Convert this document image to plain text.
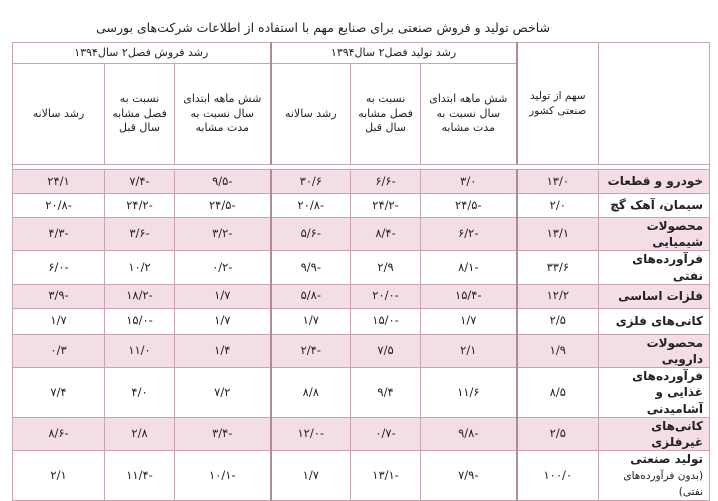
شاخص تولید و فروش صنعتی برای صنایع مهم با استفاده از اطلاعات شرکت‌های بورسی
	سهم از تولید صنعتی کشور	رشد تولید فصل۲ سال۱۳۹۴			رشد فروش فصل۲ سال۱۳۹۴		
		شش ماهه ابتدای سال نسبت به مدت مشابه	نسبت به فصل مشابه سال قبل	رشد سالانه	شش ماهه ابتدای سال نسبت به مدت مشابه	نسبت به فصل مشابه سال قبل	رشد سالانه

خودرو و قطعات	۱۳/۰	۳/۰	-۶/۶	۳۰/۶	-۹/۵	-۷/۴	۲۴/۱
سیمان، آهک گچ	۲/۰	-۲۴/۵	-۲۴/۲	-۲۰/۸	-۲۴/۵	-۲۴/۲	-۲۰/۸
محصولات شیمیایی	۱۳/۱	-۶/۲	-۸/۴	-۵/۶	-۳/۲	-۳/۶	-۴/۳
فرآورده‌های نفتی	۳۳/۶	-۸/۱	۲/۹	-۹/۹	-۰/۲	۱۰/۲	-۶/۰
فلزات اساسی	۱۲/۲	-۱۵/۴	-۲۰/۰	-۵/۸	۱/۷	-۱۸/۲	-۳/۹
کانی‌های فلزی	۲/۵	۱/۷	-۱۵/۰	۱/۷	۱/۷	-۱۵/۰	۱/۷
محصولات دارویی	۱/۹	۲/۱	۷/۵	-۲/۴	۱/۴	۱۱/۰	۰/۳
فرآورده‌های غذایی و آشامیدنی	۸/۵	۱۱/۶	۹/۴	۸/۸	۷/۲	۴/۰	۷/۴
کانی‌های غیرفلزی	۲/۵	-۹/۸	-۰/۷	-۱۲/۰	-۳/۴	۲/۸	-۸/۶
تولید صنعتی
(بدون فرآورده‌های نفتی)	۱۰۰/۰	-۷/۹	-۱۳/۱	۱/۷	-۱۰/۱	-۱۱/۴	۲/۱
